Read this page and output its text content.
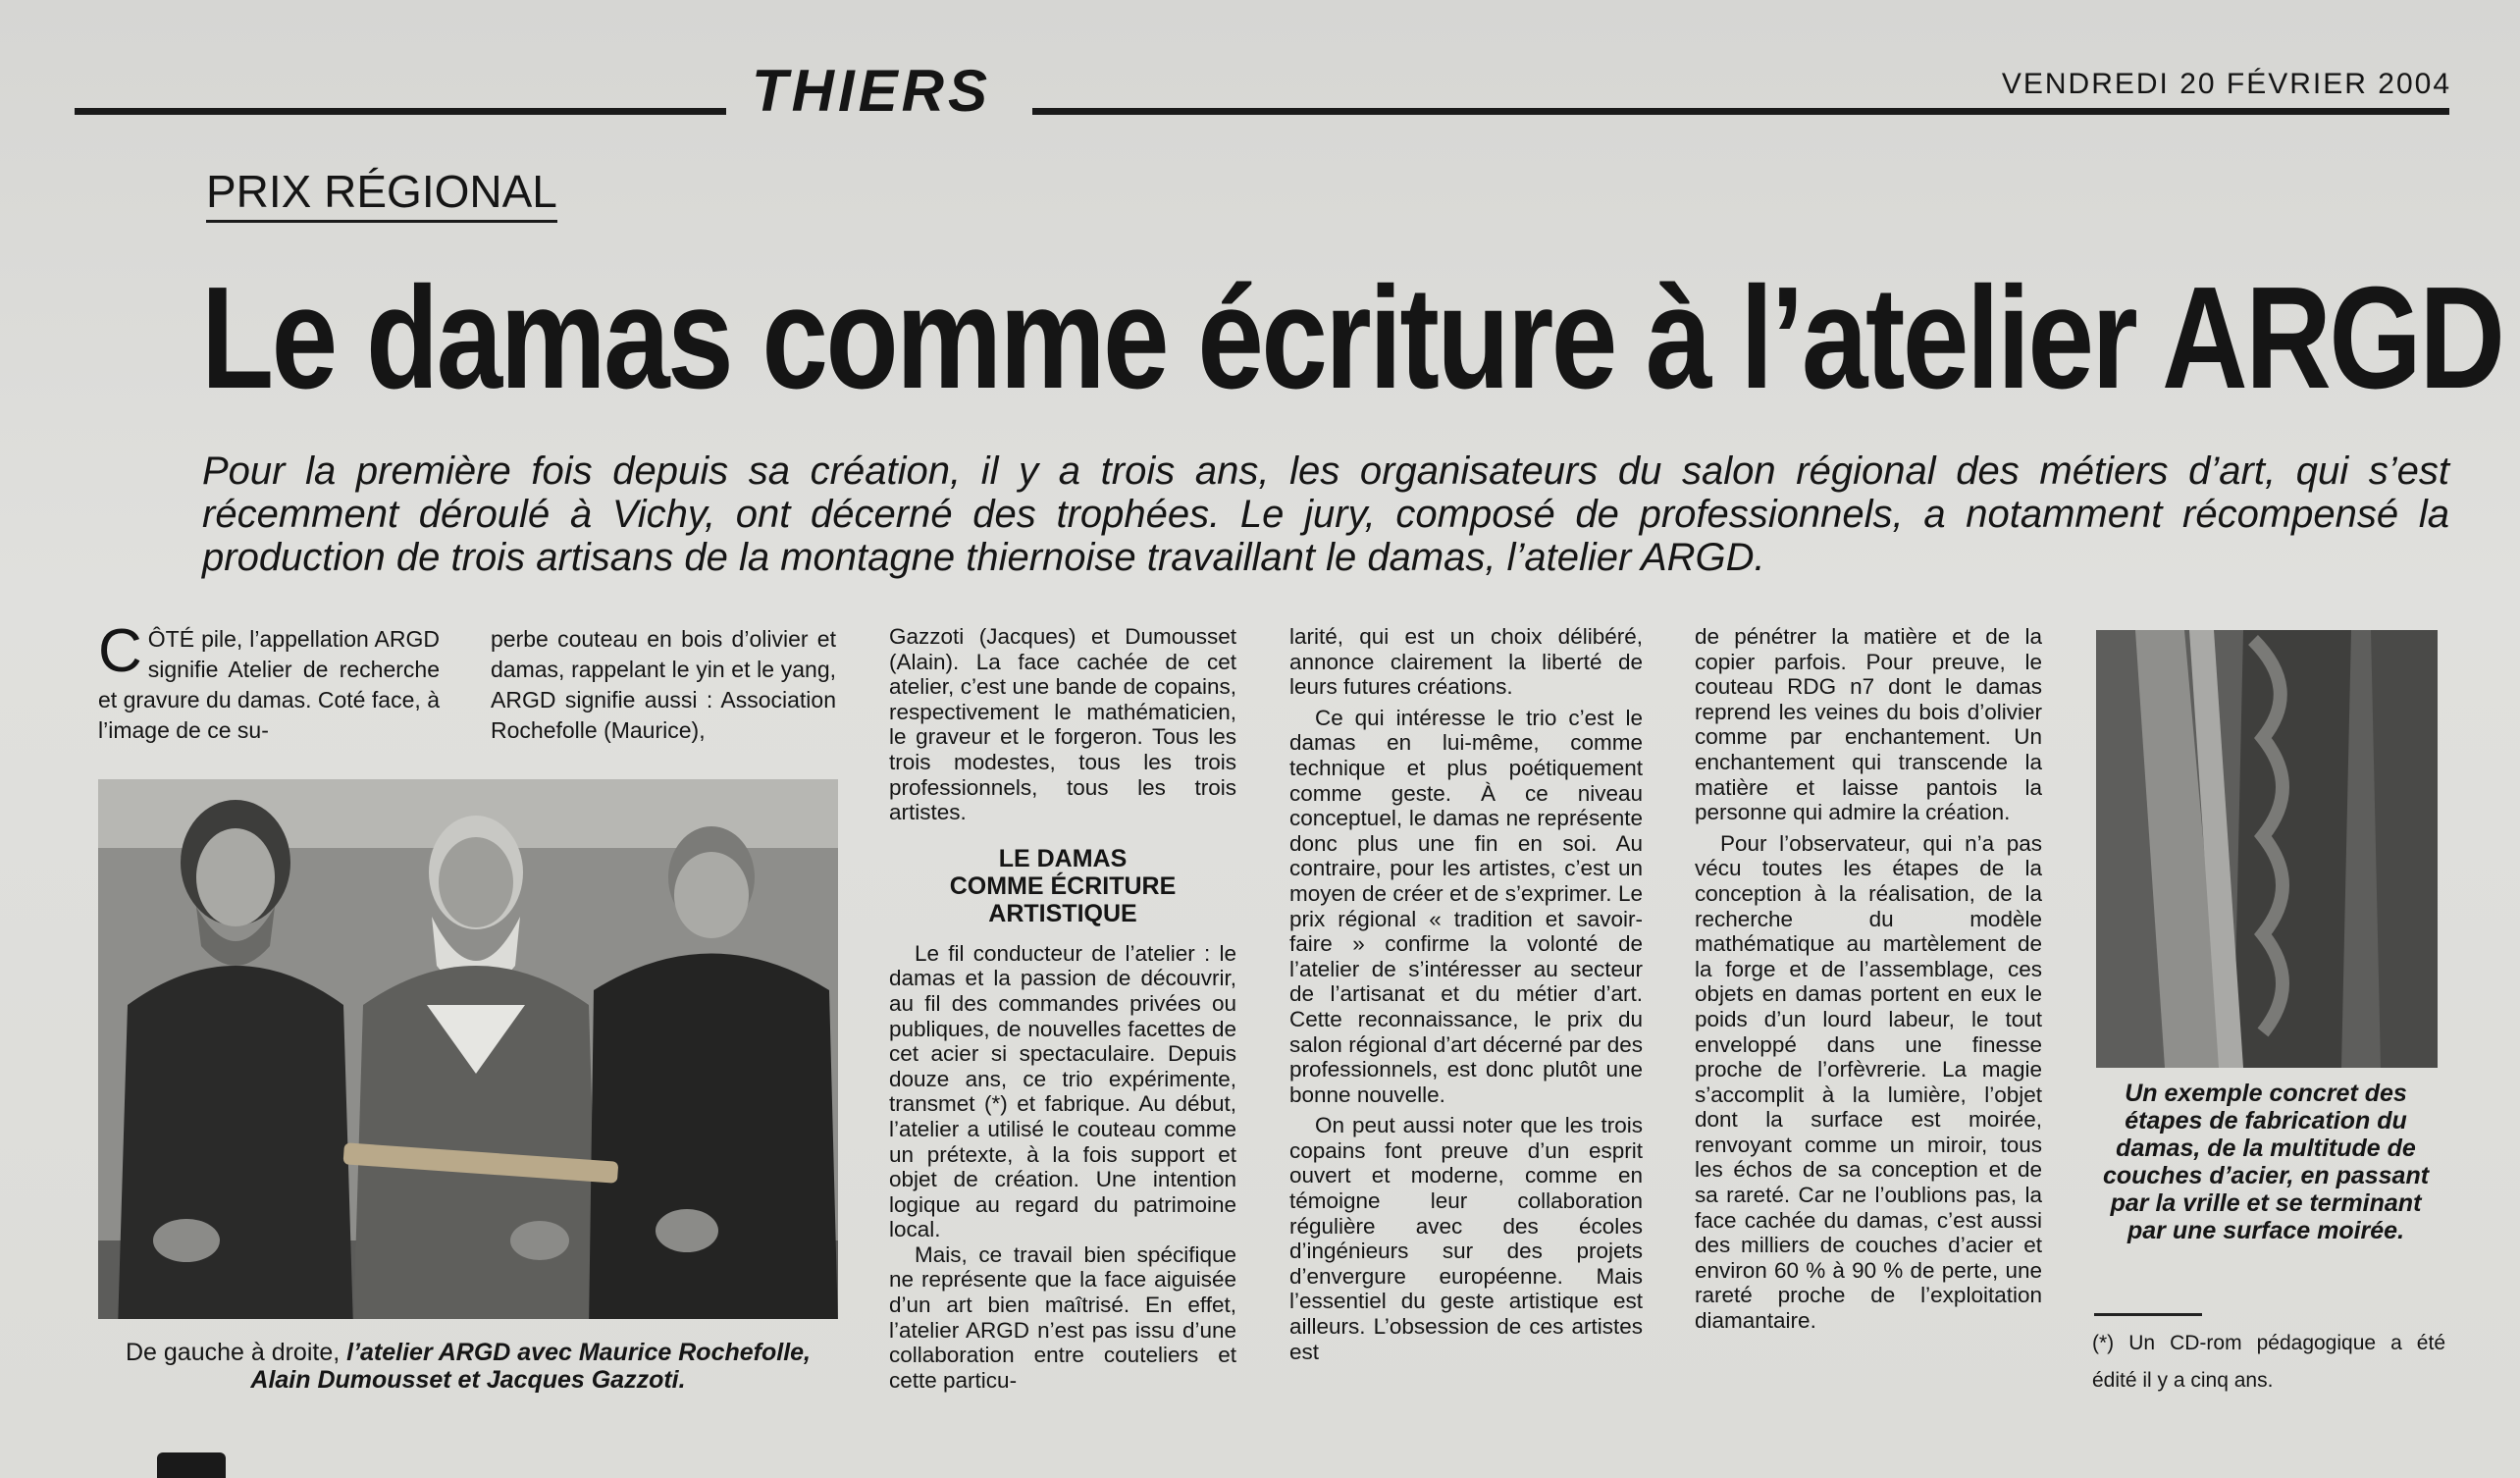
THIERS	VENDREDI 20 FÉVRIER 2004
PRIX RÉGIONAL
Le damas comme écriture à l’atelier ARGD
Pour la première fois depuis sa création, il y a trois ans, les organisateurs du salon régional des métiers d’art, qui s’est récemment déroulé à Vichy, ont décerné des trophées. Le jury, composé de professionnels, a notamment récompensé la production de trois artisans de la montagne thiernoise travaillant le damas, l’atelier ARGD.
C ÔTÉ pile, l’appellation ARGD signifie Atelier de recherche et gravure du damas. Coté face, à l’image de ce su-
perbe couteau en bois d’olivier et damas, rappelant le yin et le yang, ARGD signifie aussi : Association Rochefolle (Maurice),
De gauche à droite, l’atelier ARGD avec Maurice Rochefolle, Alain Dumousset et Jacques Gazzoti.

Gazzoti (Jacques) et Dumousset (Alain). La face cachée de cet atelier, c’est une bande de copains, respectivement le mathématicien, le graveur et le forgeron. Tous les trois modestes, tous les trois professionnels, tous les trois artistes.

LE DAMAS
COMME ÉCRITURE
ARTISTIQUE

Le fil conducteur de l’atelier : le damas et la passion de découvrir, au fil des commandes privées ou publiques, de nouvelles facettes de cet acier si spectaculaire. Depuis douze ans, ce trio expérimente, transmet (*) et fabrique. Au début, l’atelier a utilisé le couteau comme un prétexte, à la fois support et objet de création. Une intention logique au regard du patrimoine local.

Mais, ce travail bien spécifique ne représente que la face aiguisée d’un art bien maîtrisé. En effet, l’atelier ARGD n’est pas issu d’une collaboration entre couteliers et cette particu-

larité, qui est un choix délibéré, annonce clairement la liberté de leurs futures créations.

Ce qui intéresse le trio c’est le damas en lui-même, comme technique et plus poétiquement comme geste. À ce niveau conceptuel, le damas ne représente donc plus une fin en soi. Au contraire, pour les artistes, c’est un moyen de créer et de s’exprimer. Le prix régional « tradition et savoir-faire » confirme la volonté de l’atelier de s’intéresser au secteur de l’artisanat et du métier d’art. Cette reconnaissance, le prix du salon régional d’art décerné par des professionnels, est donc plutôt une bonne nouvelle.

On peut aussi noter que les trois copains font preuve d’un esprit ouvert et moderne, comme en témoigne leur collaboration régulière avec des écoles d’ingénieurs sur des projets d’envergure européenne. Mais l’essentiel du geste artistique est ailleurs. L’obsession de ces artistes est

de pénétrer la matière et de la copier parfois. Pour preuve, le couteau RDG n7 dont le damas reprend les veines du bois d’olivier comme par enchantement. Un enchantement qui transcende la matière et laisse pantois la personne qui admire la création.

Pour l’observateur, qui n’a pas vécu toutes les étapes de la conception à la réalisation, de la recherche du modèle mathématique au martèlement de la forge et de l’assemblage, ces objets en damas portent en eux le poids d’un lourd labeur, le tout enveloppé dans une finesse proche de l’orfèvrerie. La magie s’accomplit à la lumière, l’objet dont la surface est moirée, renvoyant comme un miroir, tous les échos de sa conception et de sa rareté. Car ne l’oublions pas, la face cachée du damas, c’est aussi des milliers de couches d’acier et environ 60 % à 90 % de perte, une rareté proche de l’exploitation diamantaire.

Un exemple concret des étapes de fabrication du damas, de la multitude de couches d’acier, en passant par la vrille et se terminant par une surface moirée.
(*) Un CD-rom pédagogique a été édité il y a cinq ans.
